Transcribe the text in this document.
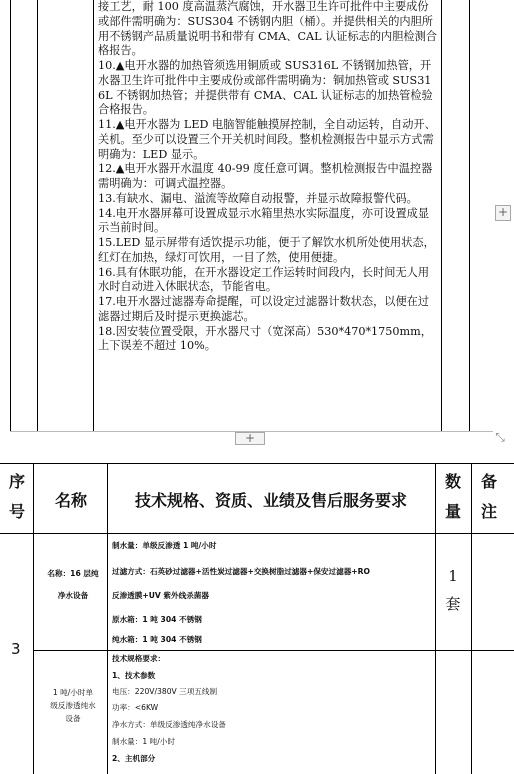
接工艺，耐 100 度高温蒸汽腐蚀，开水器卫生许可批件中主要成份或部件需明确为：SUS304 不锈钢内胆（桶）。并提供相关的内胆所用不锈钢产品质量说明书和带有 CMA、CAL 认证标志的内胆检测合格报告。

10.▲电开水器的加热管须选用铜质或 SUS316L 不锈钢加热管，开水器卫生许可批件中主要成份或部件需明确为：铜加热管或 SUS316L 不锈钢加热管；并提供带有 CMA、CAL 认证标志的加热管检验合格报告。

11.▲电开水器为 LED 电脑智能触摸屏控制，全自动运转，自动开、关机。至少可以设置三个开关机时间段。整机检测报告中显示方式需明确为：LED 显示。

12.▲电开水器开水温度 40-99 度任意可调。整机检测报告中温控器需明确为：可调式温控器。

13.有缺水、漏电、溢流等故障自动报警，并显示故障报警代码。

14.电开水器屏幕可设置成显示水箱里热水实际温度，亦可设置成显示当前时间。

15.LED 显示屏带有适饮提示功能，便于了解饮水机所处使用状态，红灯在加热，绿灯可饮用，一目了然，使用便捷。

16.具有休眠功能，在开水器设定工作运转时间段内，长时间无人用水时自动进入休眠状态，节能省电。

17.电开水器过滤器寿命提醒，可以设定过滤器计数状态，以便在过滤器过期后及时提示更换滤芯。

18.因安装位置受限，开水器尺寸（宽深高）530*470*1750mm，上下误差不超过 10%。

+
+	⤡
序
号
名称	技术规格、资质、业绩及售后服务要求
数
量
备
注
3
名称：16 层纯
净水设备
制水量：单级反渗透 1 吨/小时
过滤方式：石英砂过滤器+活性炭过滤器+交换树脂过滤器+保安过滤器+RO
反渗透膜+UV 紫外线杀菌器
原水箱：1 吨 304 不锈钢
纯水箱：1 吨 304 不锈钢
1
套
1 吨/小时单
级反渗透纯水
设备
技术规格要求：
1、技术参数
电压：220V/380V 三项五线制
功率：<6KW
净水方式：单级反渗透纯净水设备
制水量：1 吨/小时
2、主机部分
